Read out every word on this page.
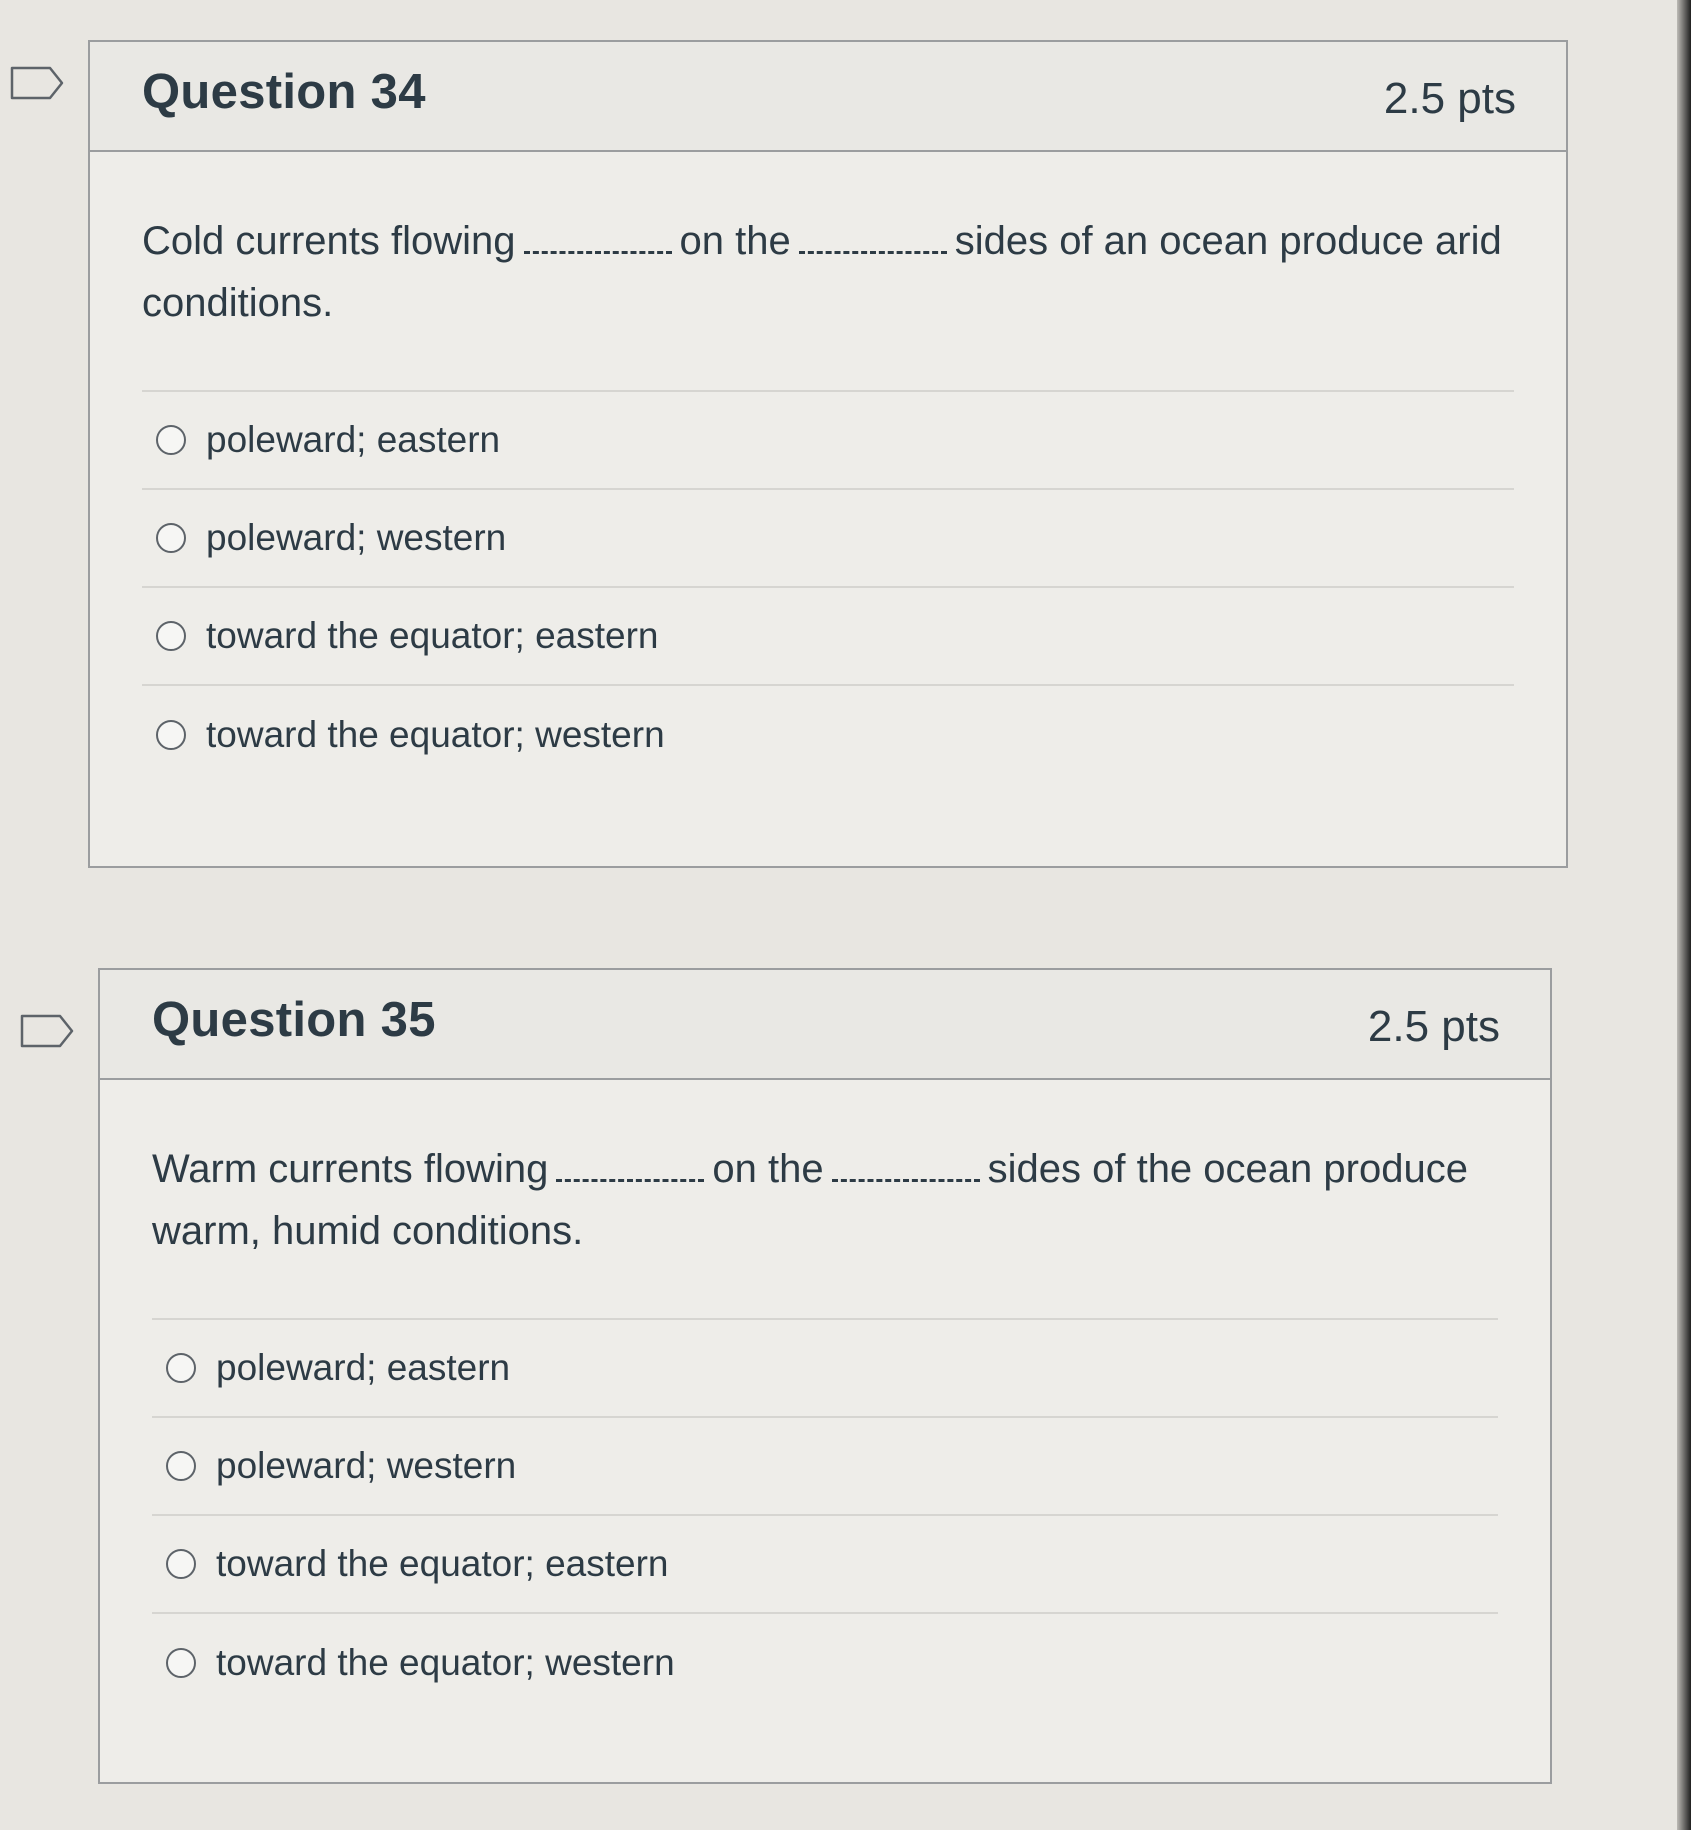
Question 34	2.5 pts

Cold currents flowing	on the	sides of an ocean produce arid conditions.

poleward; eastern
poleward; western
toward the equator; eastern
toward the equator; western
Question 35	2.5 pts

Warm currents flowing	on the	sides of the ocean produce warm, humid conditions.

poleward; eastern
poleward; western
toward the equator; eastern
toward the equator; western
